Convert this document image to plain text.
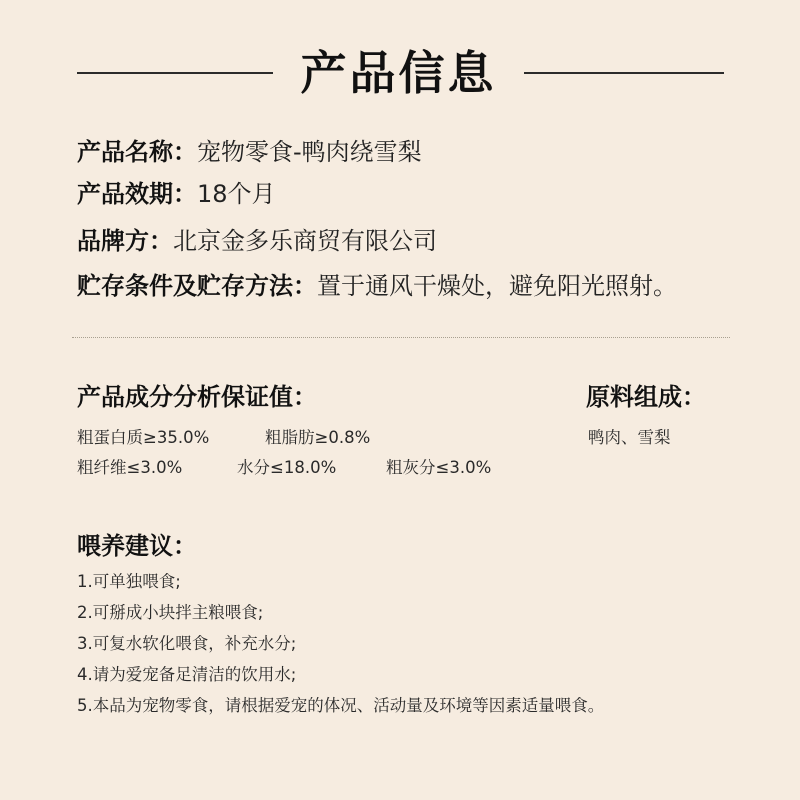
产品信息
产品名称：宠物零食-鸭肉绕雪梨
产品效期：18个月
品牌方：北京金多乐商贸有限公司
贮存条件及贮存方法：置于通风干燥处，避免阳光照射。
产品成分分析保证值：
粗蛋白质≥35.0%	粗脂肪≥0.8%
粗纤维≤3.0%	水分≤18.0%	粗灰分≤3.0%
原料组成：
鸭肉、雪梨
喂养建议：
1.可单独喂食;
2.可掰成小块拌主粮喂食;
3.可复水软化喂食，补充水分;
4.请为爱宠备足清洁的饮用水;
5.本品为宠物零食，请根据爱宠的体况、活动量及环境等因素适量喂食。
